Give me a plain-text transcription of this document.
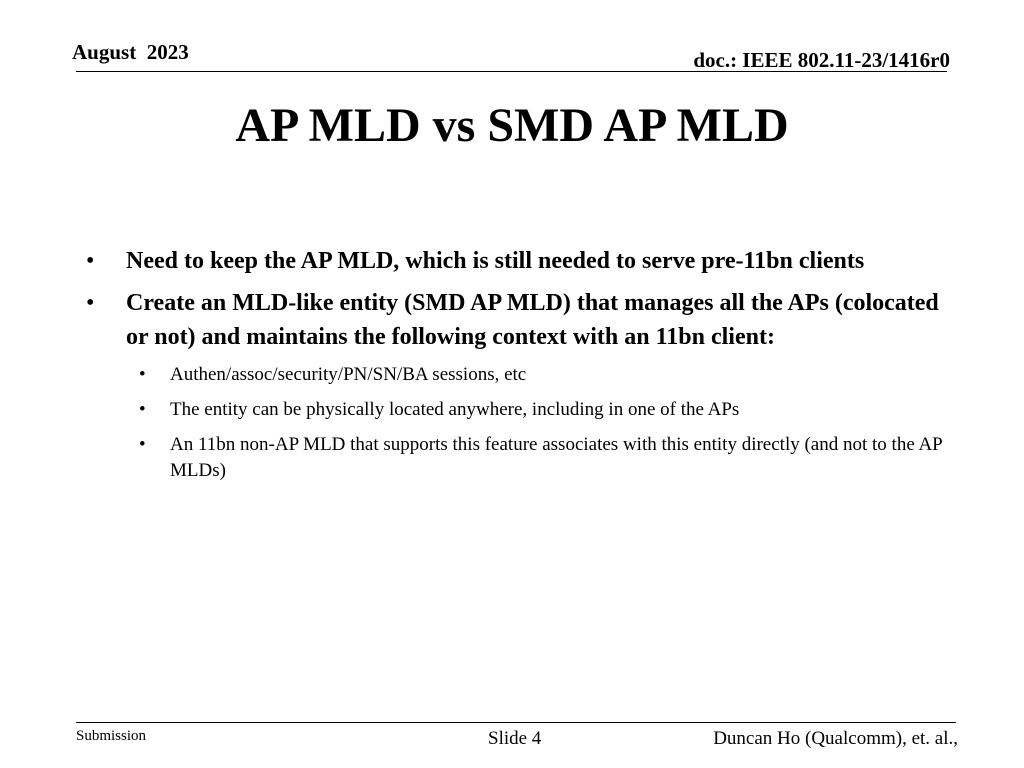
August  2023	doc.: IEEE 802.11-23/1416r0
AP MLD vs SMD AP MLD
• Need to keep the AP MLD, which is still needed to serve pre-11bn clients
• Create an MLD-like entity (SMD AP MLD) that manages all the APs (colocated or not) and maintains the following context with an 11bn client:
• Authen/assoc/security/PN/SN/BA sessions, etc
• The entity can be physically located anywhere, including in one of the APs
• An 11bn non-AP MLD that supports this feature associates with this entity directly (and not to the AP MLDs)
Submission	Slide 4	Duncan Ho (Qualcomm), et. al.,
